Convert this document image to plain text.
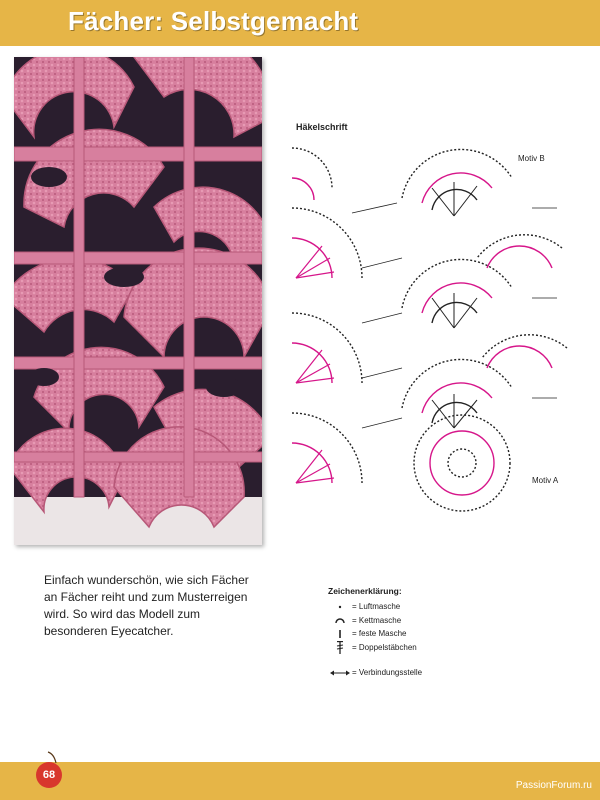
Fächer: Selbstgemacht
Häkelschrift
Motiv B
Motiv A
Einfach wunderschön, wie sich Fächer an Fächer reiht und zum Musterreigen wird. So wird das Modell zum besonderen Eyecatcher.
Zeichenerklärung:
= Luftmasche
= Kettmasche
= feste Masche
= Doppelstäbchen
= Verbindungsstelle
68
PassionForum.ru
